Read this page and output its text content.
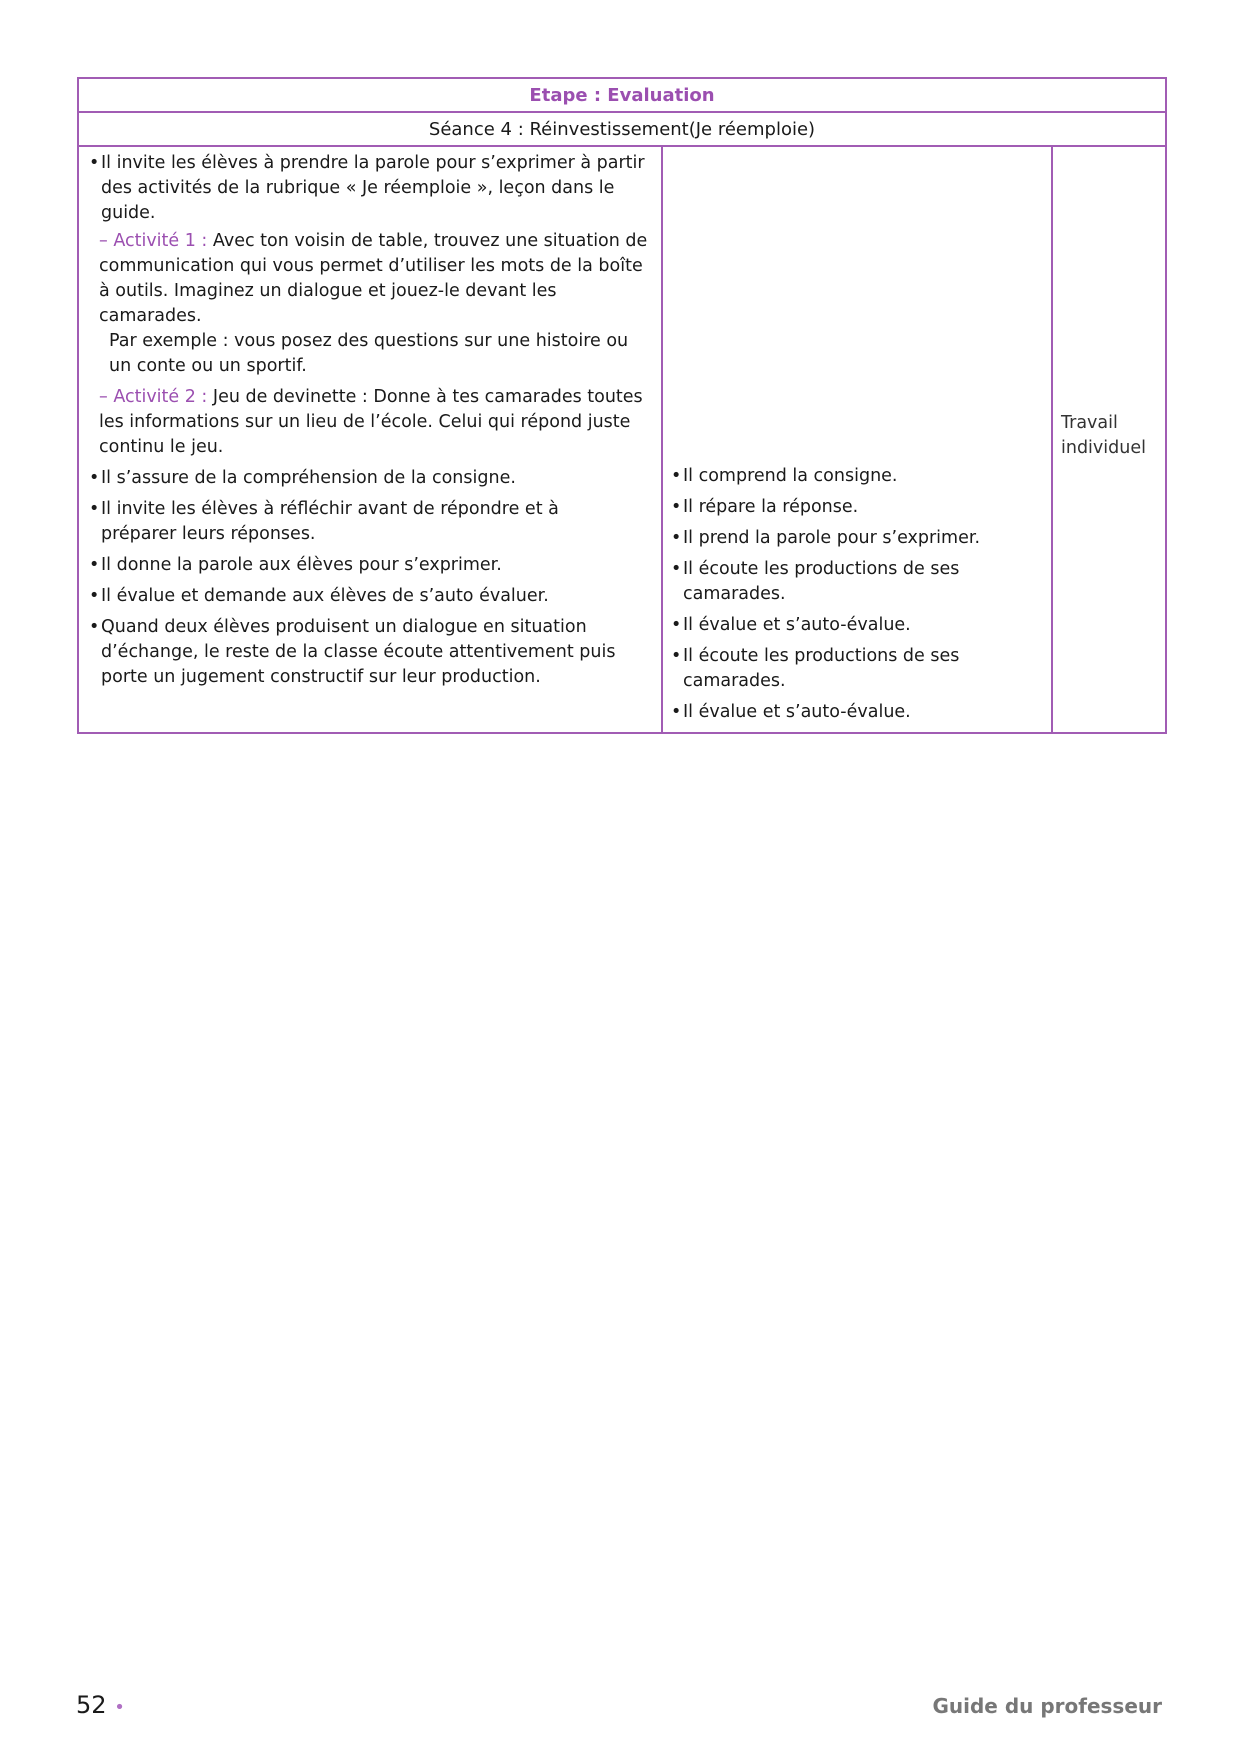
Etape : Evaluation
Séance 4 : Réinvestissement(Je réemploie)
• Il invite les élèves à prendre la parole pour s’exprimer à partir des activités de la rubrique « Je réemploie », leçon dans le guide.
– Activité 1 : Avec ton voisin de table, trouvez une situation de communication qui vous permet d’utiliser les mots de la boîte à outils. Imaginez un dialogue et jouez-le devant les camarades.
Par exemple : vous posez des questions sur une histoire ou un conte ou un sportif.
– Activité 2 : Jeu de devinette : Donne à tes camarades toutes les informations sur un lieu de l’école. Celui qui répond juste continu le jeu.
• Il s’assure de la compréhension de la consigne.
• Il invite les élèves à réfléchir avant de répondre et à préparer leurs réponses.
• Il donne la parole aux élèves pour s’exprimer.
• Il évalue et demande aux élèves de s’auto évaluer.
• Quand deux élèves produisent un dialogue en situation d’échange, le reste de la classe écoute attentivement puis porte un jugement constructif sur leur production.
• Il comprend la consigne.
• Il répare la réponse.
• Il prend la parole pour s’exprimer.
• Il écoute les productions de ses camarades.
• Il évalue et s’auto-évalue.
• Il écoute les productions de ses camarades.
• Il évalue et s’auto-évalue.
Travail
individuel
52 •	Guide du professeur
